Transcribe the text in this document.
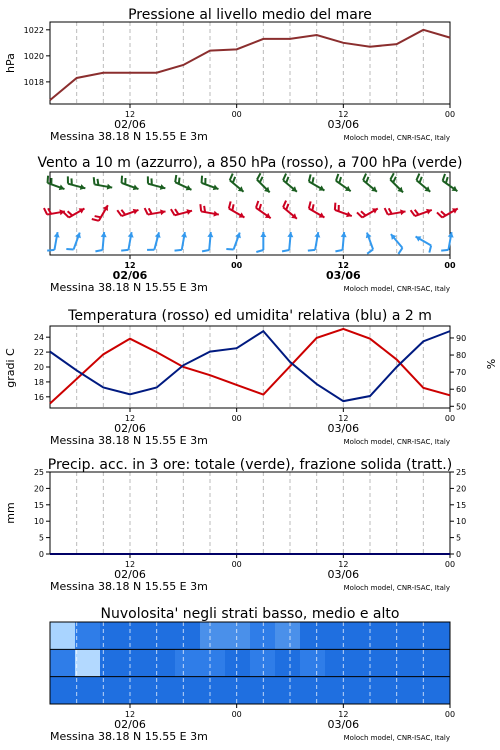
Pressione al livello medio del mare
12	00	12	00
02/06	03/06
Messina 38.18 N 15.55 E 3m	Moloch model, CNR-ISAC, Italy
1018
1020
1022
hPa
Vento a 10 m (azzurro), a 850 hPa (rosso), a 700 hPa (verde)
12	00	12	00
02/06	03/06
Messina 38.18 N 15.55 E 3m	Moloch model, CNR-ISAC, Italy
Temperatura (rosso) ed umidita' relativa (blu) a 2 m
12	00	12	00
02/06	03/06
Messina 38.18 N 15.55 E 3m	Moloch model, CNR-ISAC, Italy
16
18
20
22
24
50
60
70
80
90
gradi C	%
Precip. acc. in 3 ore: totale (verde), frazione solida (tratt.)
12	00	12	00
02/06	03/06
Messina 38.18 N 15.55 E 3m	Moloch model, CNR-ISAC, Italy
0	0
5	5
10	10
15	15
20	20
25	25
mm
Nuvolosita' negli strati basso, medio e alto
12	00	12	00
02/06	03/06
Messina 38.18 N 15.55 E 3m	Moloch model, CNR-ISAC, Italy
